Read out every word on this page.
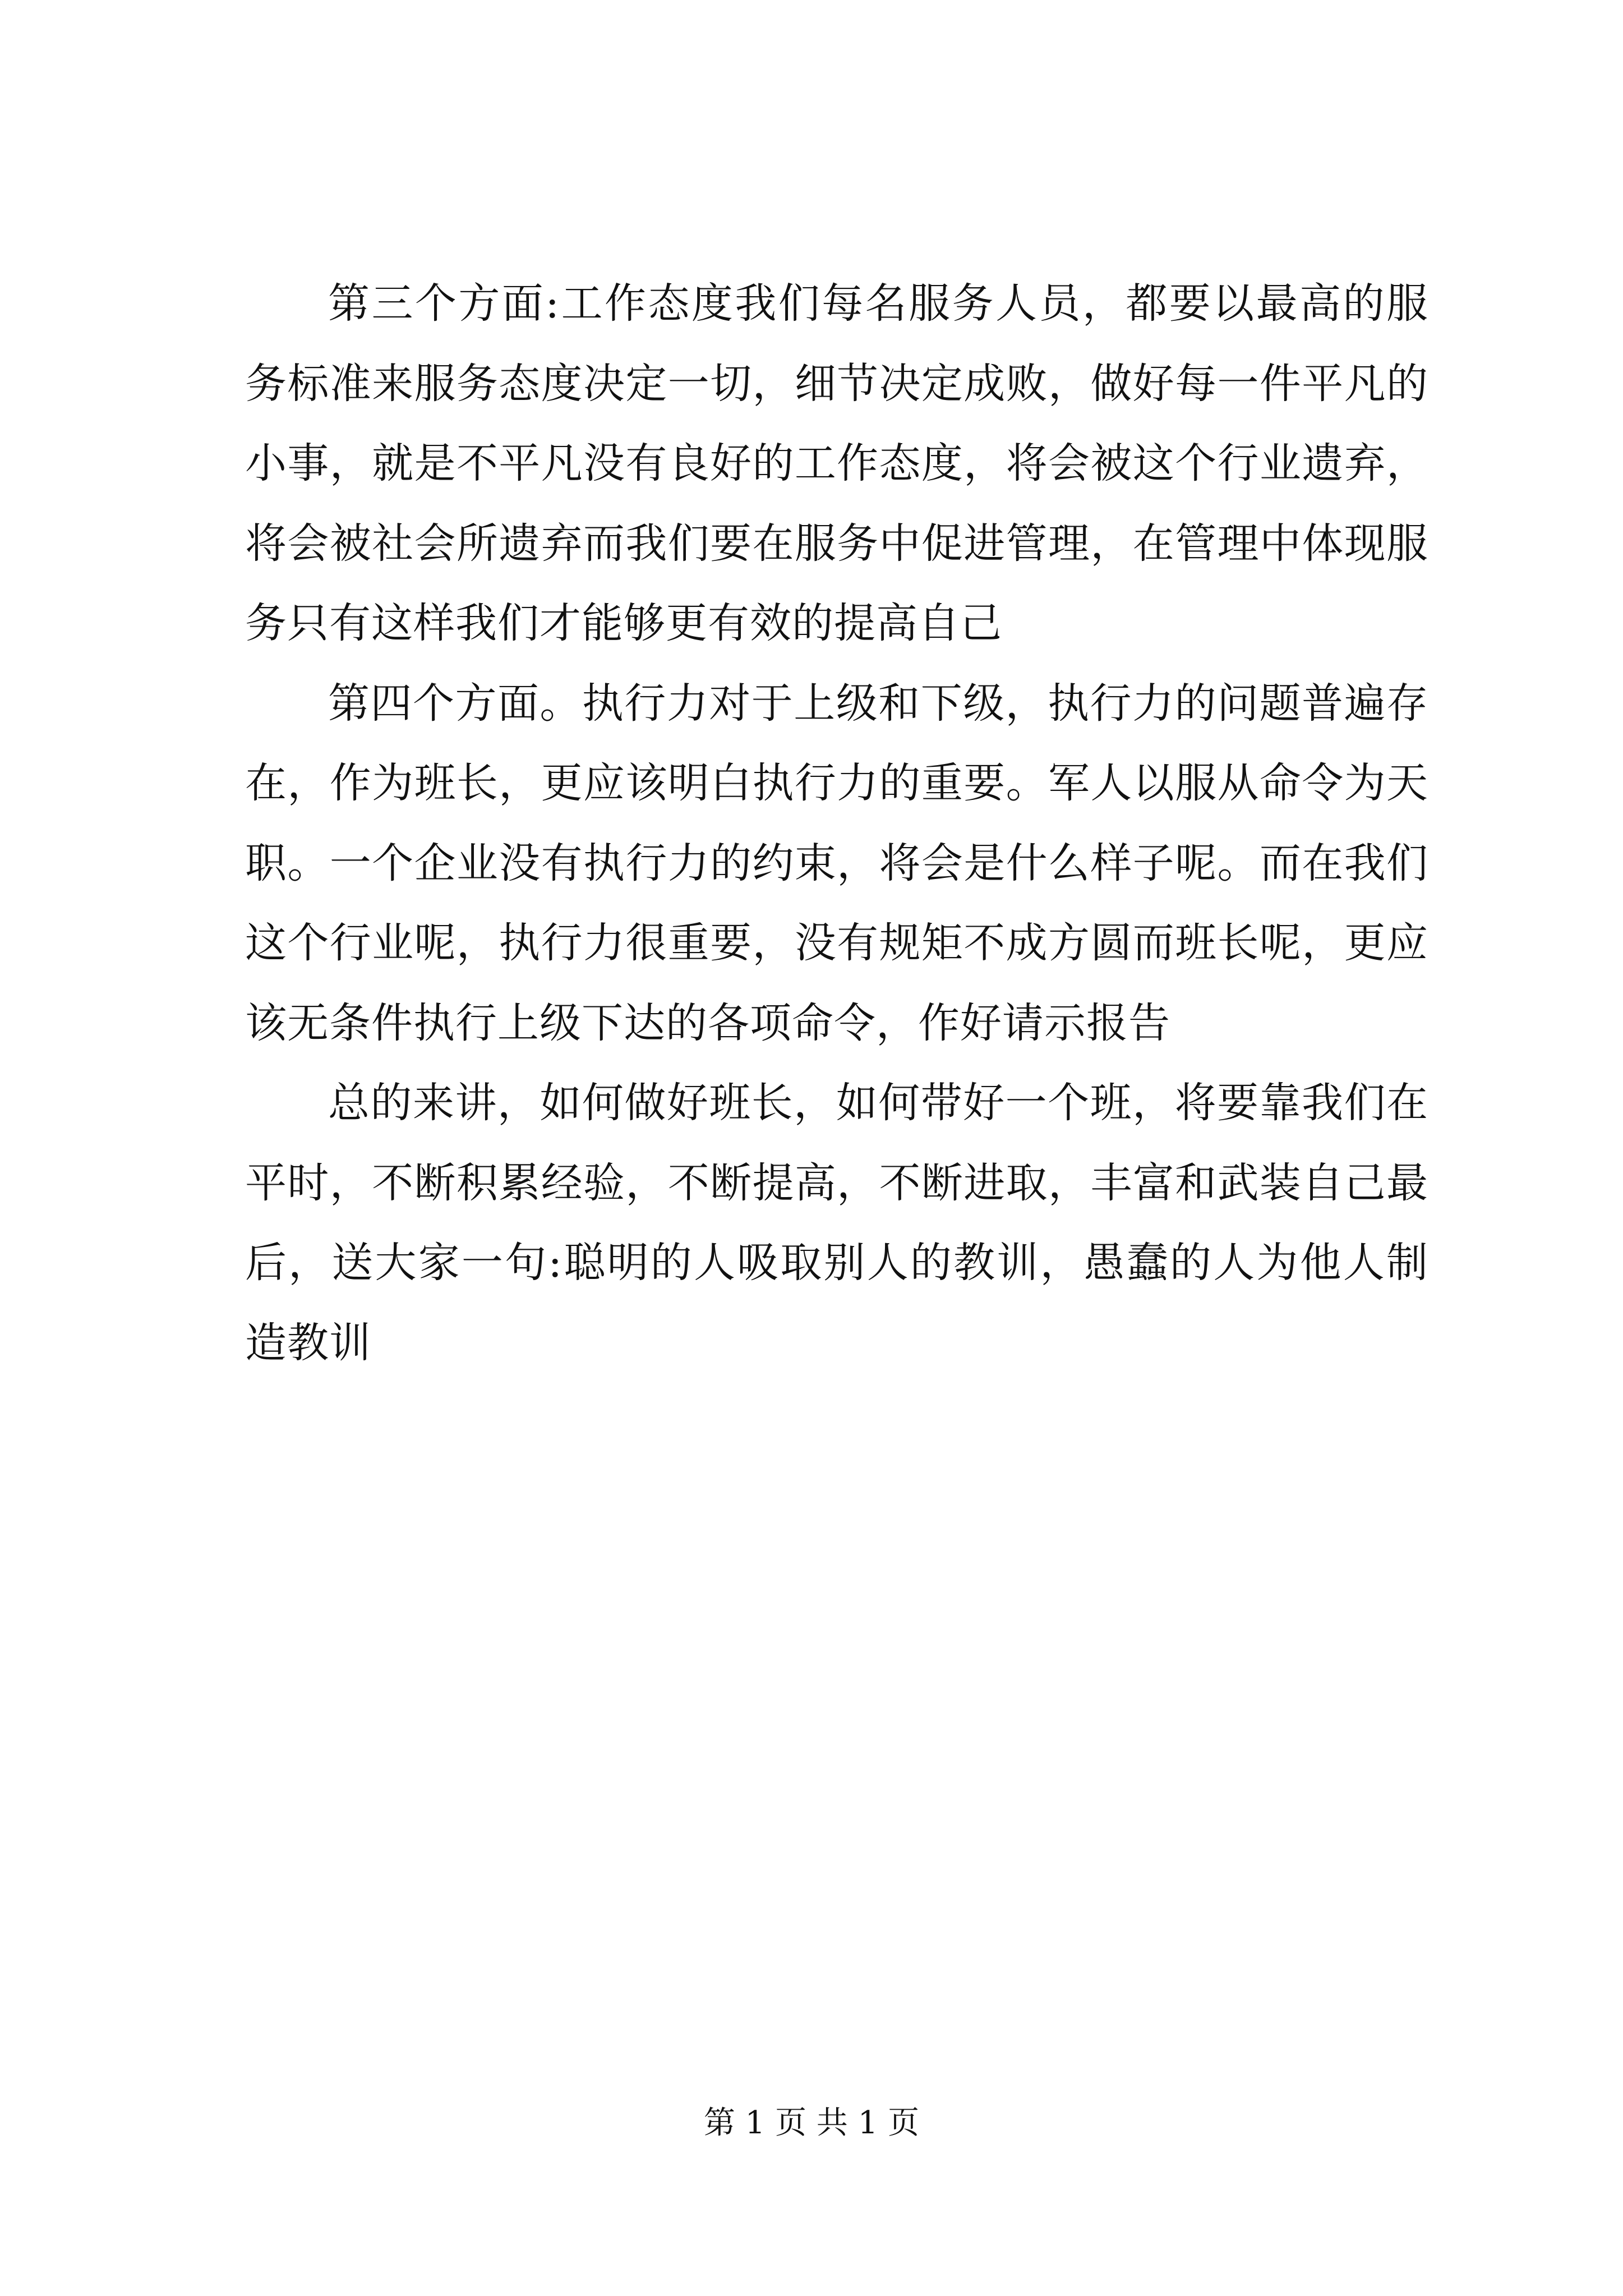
第三个方面:工作态度我们每名服务人员，都要以最高的服务标准来服务态度决定一切，细节决定成败，做好每一件平凡的小事，就是不平凡没有良好的工作态度，将会被这个行业遗弃，将会被社会所遗弃而我们要在服务中促进管理，在管理中体现服务只有这样我们才能够更有效的提高自己

第四个方面。执行力对于上级和下级，执行力的问题普遍存在，作为班长，更应该明白执行力的重要。军人以服从命令为天职。一个企业没有执行力的约束，将会是什么样子呢。而在我们这个行业呢，执行力很重要，没有规矩不成方圆而班长呢，更应该无条件执行上级下达的各项命令，作好请示报告

总的来讲，如何做好班长，如何带好一个班，将要靠我们在平时，不断积累经验，不断提高，不断进取，丰富和武装自己最后，送大家一句:聪明的人吸取别人的教训，愚蠢的人为他人制造教训

第 1 页 共 1 页
